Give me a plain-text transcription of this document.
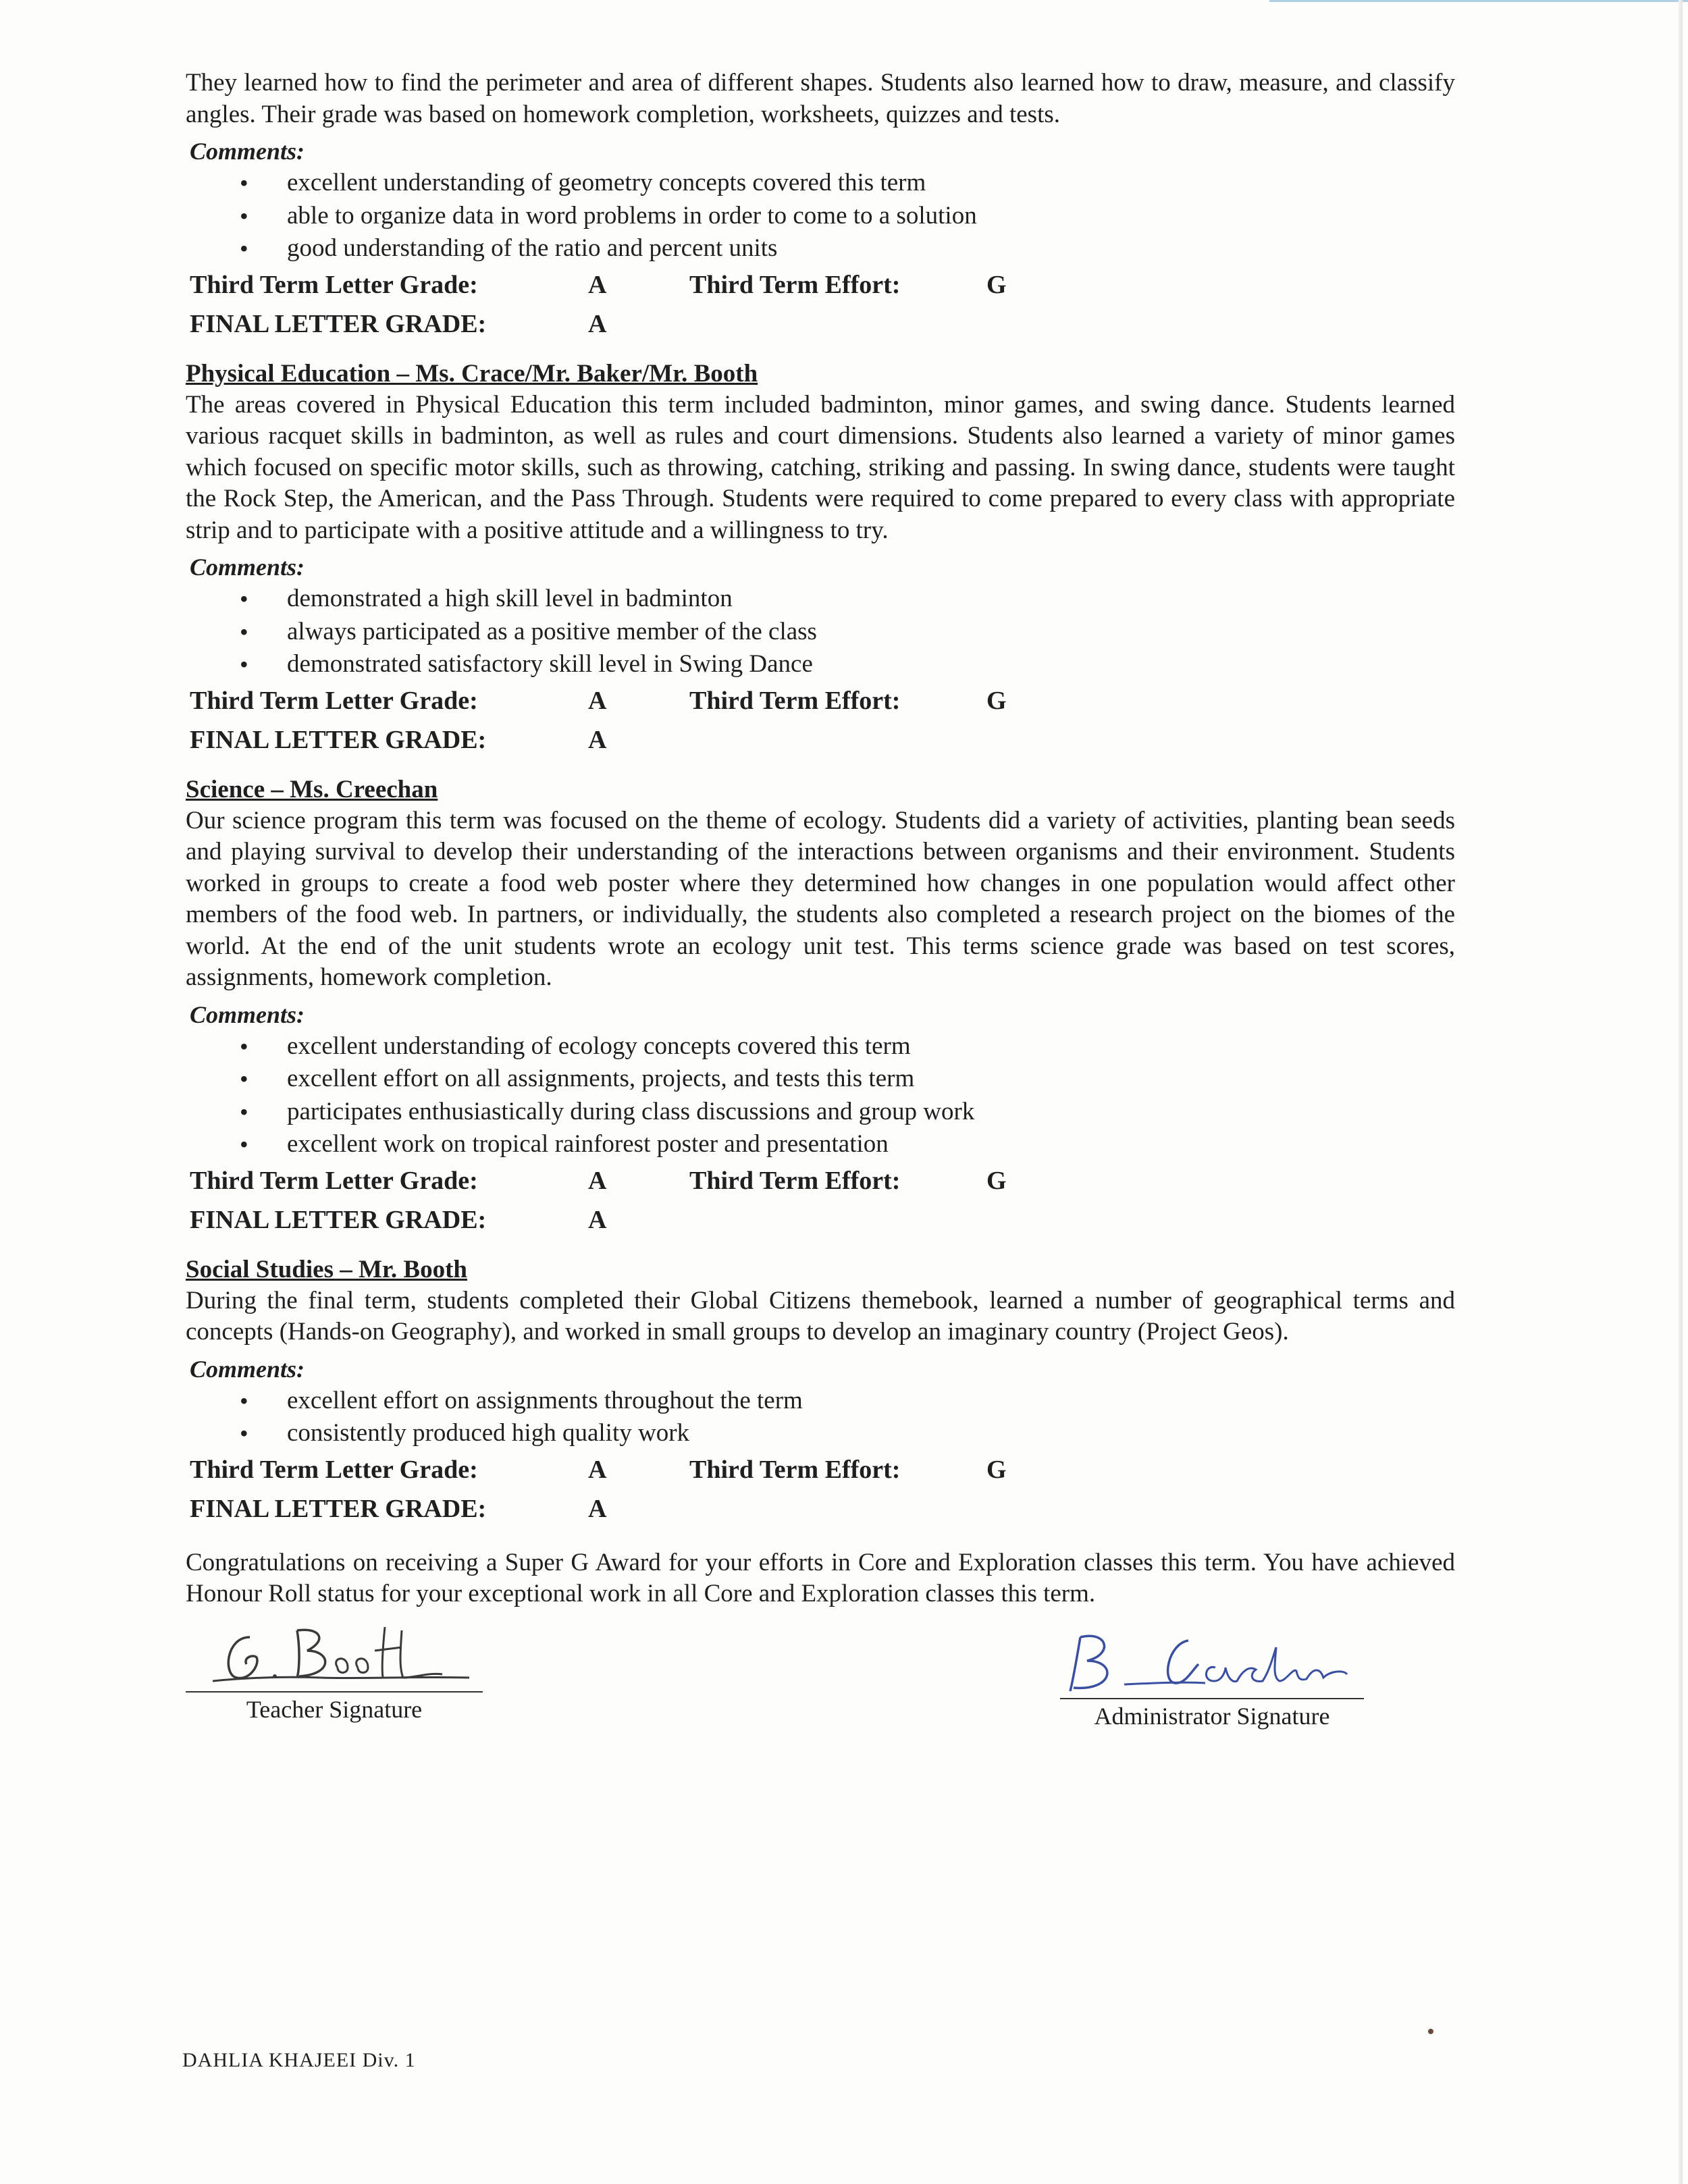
They learned how to find the perimeter and area of different shapes. Students also learned how to draw, measure, and classify angles. Their grade was based on homework completion, worksheets, quizzes and tests.

Comments:
• excellent understanding of geometry concepts covered this term
• able to organize data in word problems in order to come to a solution
• good understanding of the ratio and percent units
Third Term Letter Grade:	A	Third Term Effort:	G
FINAL LETTER GRADE:	A
Physical Education – Ms. Crace/Mr. Baker/Mr. Booth

The areas covered in Physical Education this term included badminton, minor games, and swing dance. Students learned various racquet skills in badminton, as well as rules and court dimensions. Students also learned a variety of minor games which focused on specific motor skills, such as throwing, catching, striking and passing. In swing dance, students were taught the Rock Step, the American, and the Pass Through. Students were required to come prepared to every class with appropriate strip and to participate with a positive attitude and a willingness to try.

Comments:
• demonstrated a high skill level in badminton
• always participated as a positive member of the class
• demonstrated satisfactory skill level in Swing Dance
Third Term Letter Grade:	A	Third Term Effort:	G
FINAL LETTER GRADE:	A
Science – Ms. Creechan

Our science program this term was focused on the theme of ecology. Students did a variety of activities, planting bean seeds and playing survival to develop their understanding of the interactions between organisms and their environment. Students worked in groups to create a food web poster where they determined how changes in one population would affect other members of the food web. In partners, or individually, the students also completed a research project on the biomes of the world. At the end of the unit students wrote an ecology unit test. This terms science grade was based on test scores, assignments, homework completion.

Comments:
• excellent understanding of ecology concepts covered this term
• excellent effort on all assignments, projects, and tests this term
• participates enthusiastically during class discussions and group work
• excellent work on tropical rainforest poster and presentation
Third Term Letter Grade:	A	Third Term Effort:	G
FINAL LETTER GRADE:	A
Social Studies – Mr. Booth

During the final term, students completed their Global Citizens themebook, learned a number of geographical terms and concepts (Hands-on Geography), and worked in small groups to develop an imaginary country (Project Geos).

Comments:
• excellent effort on assignments throughout the term
• consistently produced high quality work
Third Term Letter Grade:	A	Third Term Effort:	G
FINAL LETTER GRADE:	A

Congratulations on receiving a Super G Award for your efforts in Core and Exploration classes this term. You have achieved Honour Roll status for your exceptional work in all Core and Exploration classes this term.

Teacher Signature	Administrator Signature
DAHLIA KHAJEEI Div. 1
